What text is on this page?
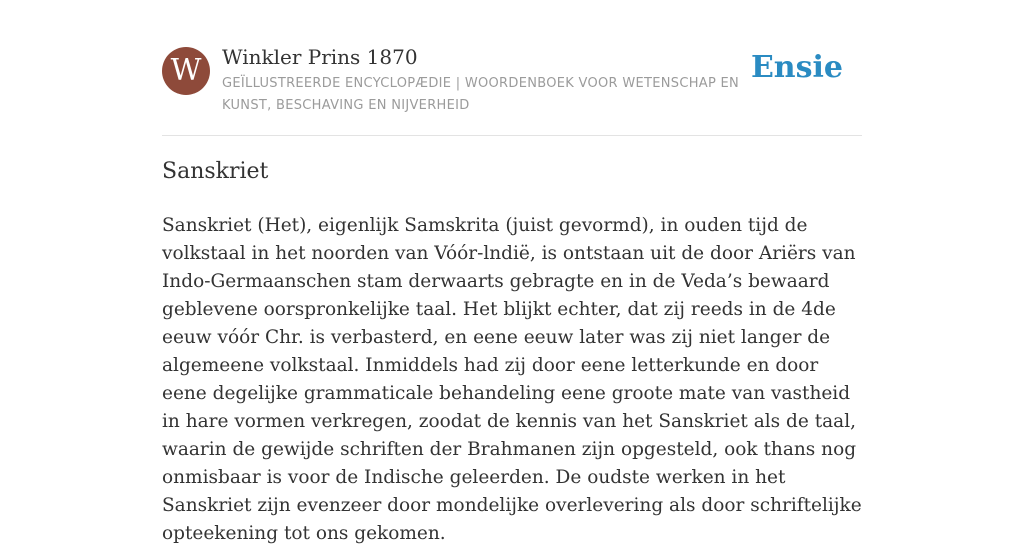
W	Winkler Prins 1870
GEÏLLUSTREERDE ENCYCLOPÆDIE | WOORDENBOEK VOOR WETENSCHAP EN KUNST, BESCHAVING EN NIJVERHEID
Ensie
Sanskriet

Sanskriet (Het), eigenlijk Samskrita (juist gevormd), in ouden tijd de volkstaal in het noorden van Vóór-lndië, is ontstaan uit de door Ariërs van Indo-Germaanschen stam derwaarts gebragte en in de Veda’s bewaard geblevene oorspronkelijke taal. Het blijkt echter, dat zij reeds in de 4de eeuw vóór Chr. is verbasterd, en eene eeuw later was zij niet langer de algemeene volkstaal. Inmiddels had zij door eene letterkunde en door eene degelijke grammaticale behandeling eene groote mate van vastheid in hare vormen verkregen, zoodat de kennis van het Sanskriet als de taal, waarin de gewijde schriften der Brahmanen zijn opgesteld, ook thans nog onmisbaar is voor de Indische geleerden. De oudste werken in het Sanskriet zijn evenzeer door mondelijke overlevering als door schriftelijke opteekening tot ons gekomen.
